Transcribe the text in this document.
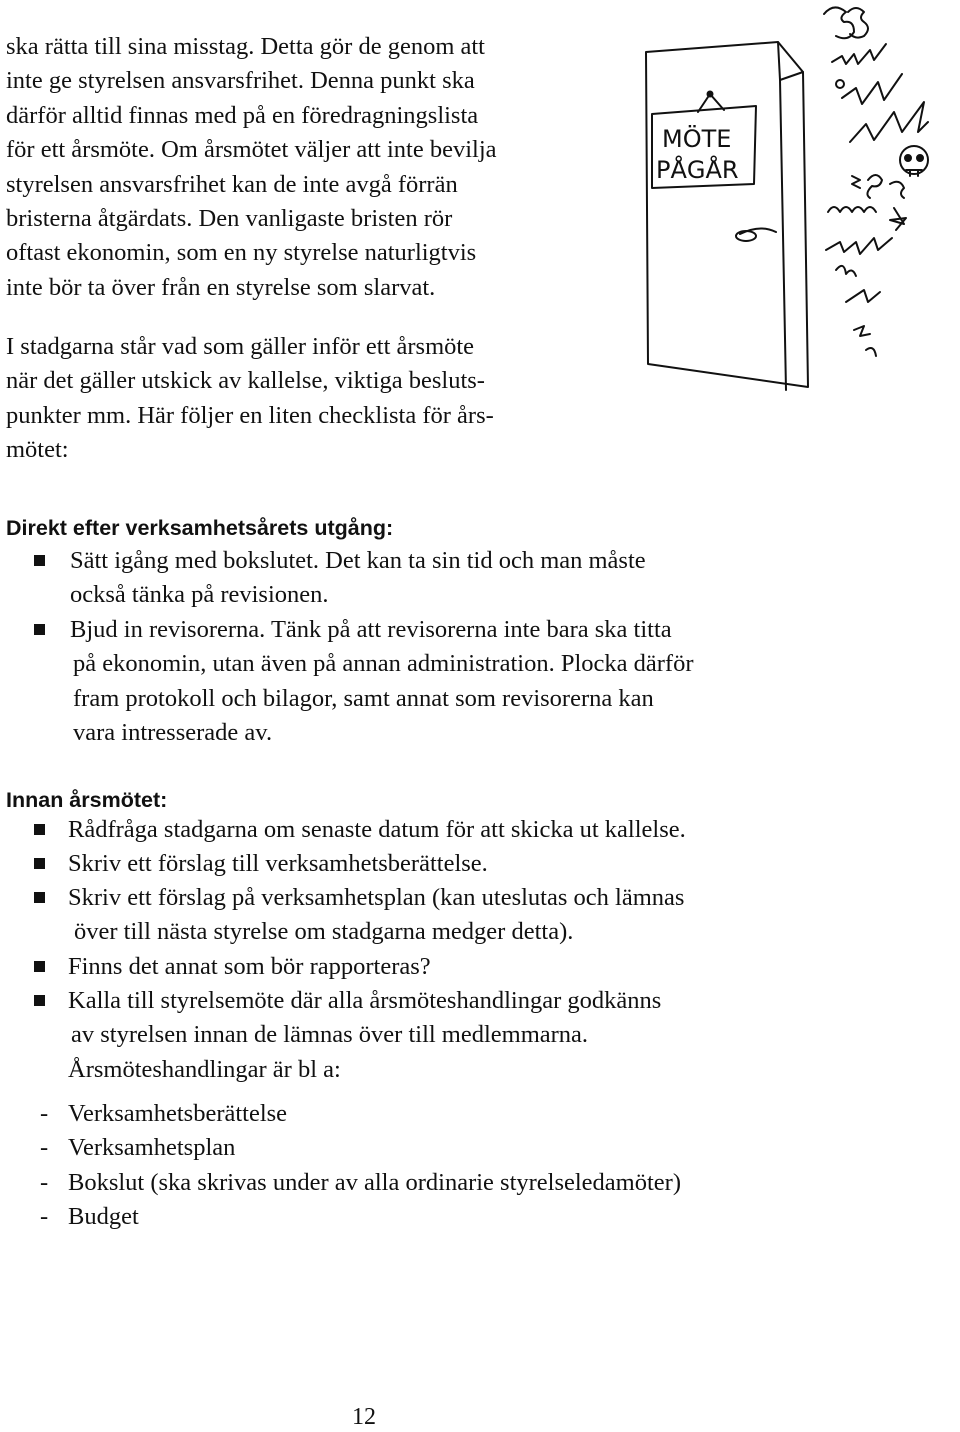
ska rätta till sina misstag. Detta gör de genom att
inte ge styrelsen ansvarsfrihet. Denna punkt ska
därför alltid finnas med på en föredragningslista
för ett årsmöte. Om årsmötet väljer att inte bevilja
styrelsen ansvarsfrihet kan de inte avgå förrän
bristerna åtgärdats. Den vanligaste bristen rör
oftast ekonomin, som en ny styrelse naturligtvis
inte bör ta över från en styrelse som slarvat.

I stadgarna står vad som gäller inför ett årsmöte
när det gäller utskick av kallelse, viktiga besluts-
punkter mm. Här följer en liten checklista för års-
mötet:

MÖTE
PÅGÅR
Direkt efter verksamhetsårets utgång:
Sätt igång med bokslutet. Det kan ta sin tid och man måste
också tänka på revisionen.
Bjud in revisorerna. Tänk på att revisorerna inte bara ska titta
på ekonomin, utan även på annan administration. Plocka därför
fram protokoll och bilagor, samt annat som revisorerna kan
vara intresserade av.
Innan årsmötet:
Rådfråga stadgarna om senaste datum för att skicka ut kallelse.
Skriv ett förslag till verksamhetsberättelse.
Skriv ett förslag på verksamhetsplan (kan uteslutas och lämnas
över till nästa styrelse om stadgarna medger detta).
Finns det annat som bör rapporteras?
Kalla till styrelsemöte där alla årsmöteshandlingar godkänns
av styrelsen innan de lämnas över till medlemmarna.
Årsmöteshandlingar är bl a:
- Verksamhetsberättelse
- Verksamhetsplan
- Bokslut (ska skrivas under av alla ordinarie styrelseledamöter)
- Budget

12
